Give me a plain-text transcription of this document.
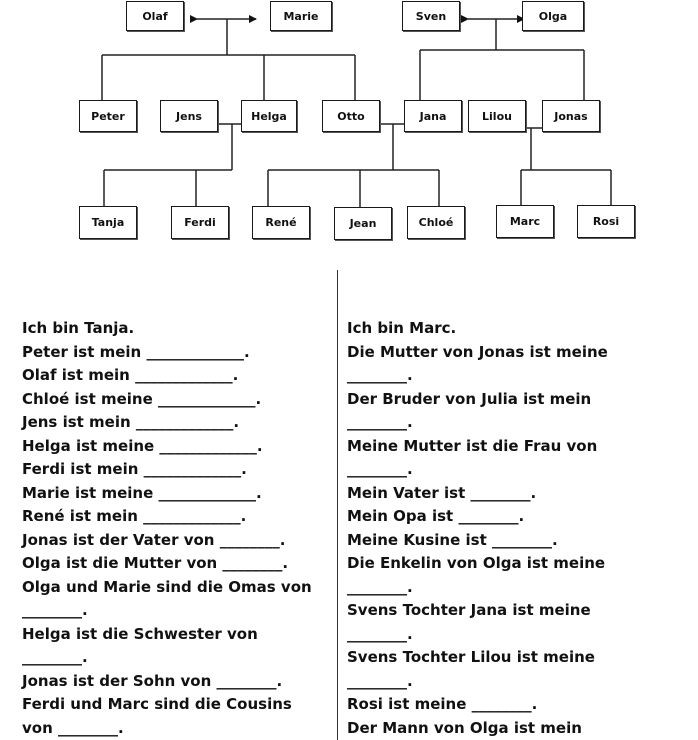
Olaf	Marie	Sven	Olga
Peter	Jens	Helga	Otto	Jana	Lilou	Jonas
Tanja	Ferdi	René	Jean	Chloé	Marc	Rosi
Ich bin Tanja.
Peter ist mein _____________.
Olaf ist mein _____________.
Chloé ist meine _____________.
Jens ist mein _____________.
Helga ist meine _____________.
Ferdi ist mein _____________.
Marie ist meine _____________.
René ist mein _____________.
Jonas ist der Vater von ________.
Olga ist die Mutter von ________.
Olga und Marie sind die Omas von
________.
Helga ist die Schwester von
________.
Jonas ist der Sohn von ________.
Ferdi und Marc sind die Cousins
von ________.
Ich bin Marc.
Die Mutter von Jonas ist meine
________.
Der Bruder von Julia ist mein
________.
Meine Mutter ist die Frau von
________.
Mein Vater ist ________.
Mein Opa ist ________.
Meine Kusine ist ________.
Die Enkelin von Olga ist meine
________.
Svens Tochter Jana ist meine
________.
Svens Tochter Lilou ist meine
________.
Rosi ist meine ________.
Der Mann von Olga ist mein
